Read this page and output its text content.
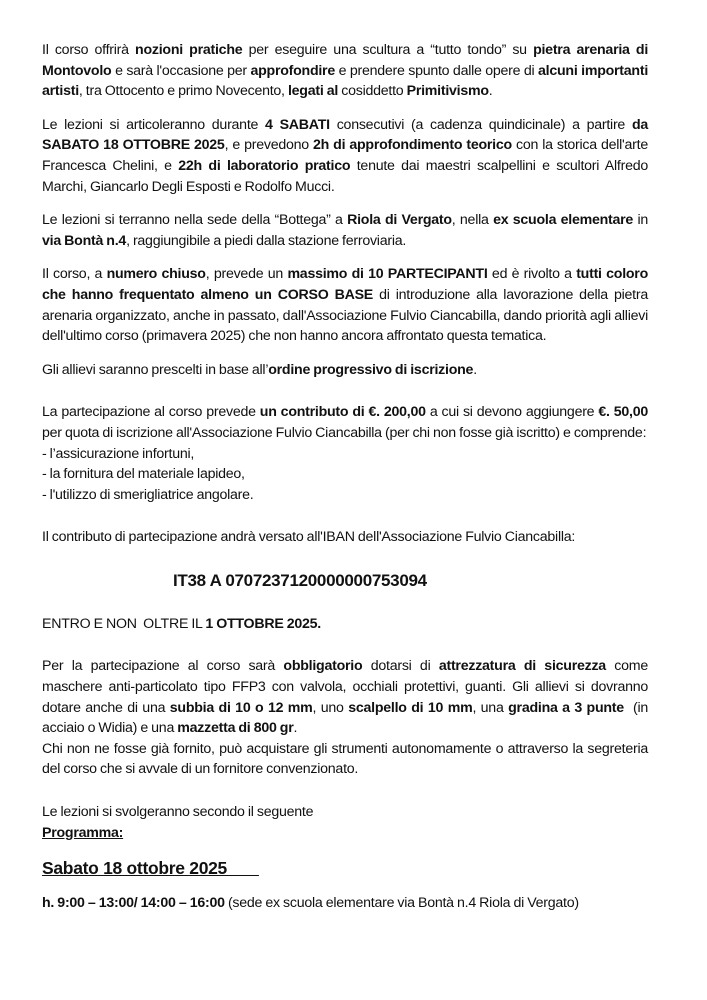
Il corso offrirà nozioni pratiche per eseguire una scultura a “tutto tondo” su pietra arenaria di Montovolo e sarà l'occasione per approfondire e prendere spunto dalle opere di alcuni importanti artisti, tra Ottocento e primo Novecento, legati al cosiddetto Primitivismo.

Le lezioni si articoleranno durante 4 SABATI consecutivi (a cadenza quindicinale) a partire da SABATO 18 OTTOBRE 2025, e prevedono 2h di approfondimento teorico con la storica dell'arte Francesca Chelini, e 22h di laboratorio pratico tenute dai maestri scalpellini e scultori Alfredo Marchi, Giancarlo Degli Esposti e Rodolfo Mucci.

Le lezioni si terranno nella sede della “Bottega” a Riola di Vergato, nella ex scuola elementare in via Bontà n.4, raggiungibile a piedi dalla stazione ferroviaria.

Il corso, a numero chiuso, prevede un massimo di 10 PARTECIPANTI ed è rivolto a tutti coloro che hanno frequentato almeno un CORSO BASE di introduzione alla lavorazione della pietra arenaria organizzato, anche in passato, dall'Associazione Fulvio Ciancabilla, dando priorità agli allievi dell'ultimo corso (primavera 2025) che non hanno ancora affrontato questa tematica.

Gli allievi saranno prescelti in base all’ordine progressivo di iscrizione.

La partecipazione al corso prevede un contributo di €. 200,00 a cui si devono aggiungere €. 50,00 per quota di iscrizione all'Associazione Fulvio Ciancabilla (per chi non fosse già iscritto) e comprende:

- l’assicurazione infortuni,

- la fornitura del materiale lapideo,

- l'utilizzo di smerigliatrice angolare.

Il contributo di partecipazione andrà versato all'IBAN dell'Associazione Fulvio Ciancabilla:

IT38 A 0707237120000000753094

ENTRO E NON  OLTRE IL 1 OTTOBRE 2025.

Per la partecipazione al corso sarà obbligatorio dotarsi di attrezzatura di sicurezza come maschere anti-particolato tipo FFP3 con valvola, occhiali protettivi, guanti. Gli allievi si dovranno dotare anche di una subbia di 10 o 12 mm, uno scalpello di 10 mm, una gradina a 3 punte  (in acciaio o Widia) e una mazzetta di 800 gr.

Chi non ne fosse già fornito, può acquistare gli strumenti autonomamente o attraverso la segreteria del corso che si avvale di un fornitore convenzionato.

Le lezioni si svolgeranno secondo il seguente

Programma:

Sabato 18 ottobre 2025

h. 9:00 – 13:00/ 14:00 – 16:00 (sede ex scuola elementare via Bontà n.4 Riola di Vergato)
